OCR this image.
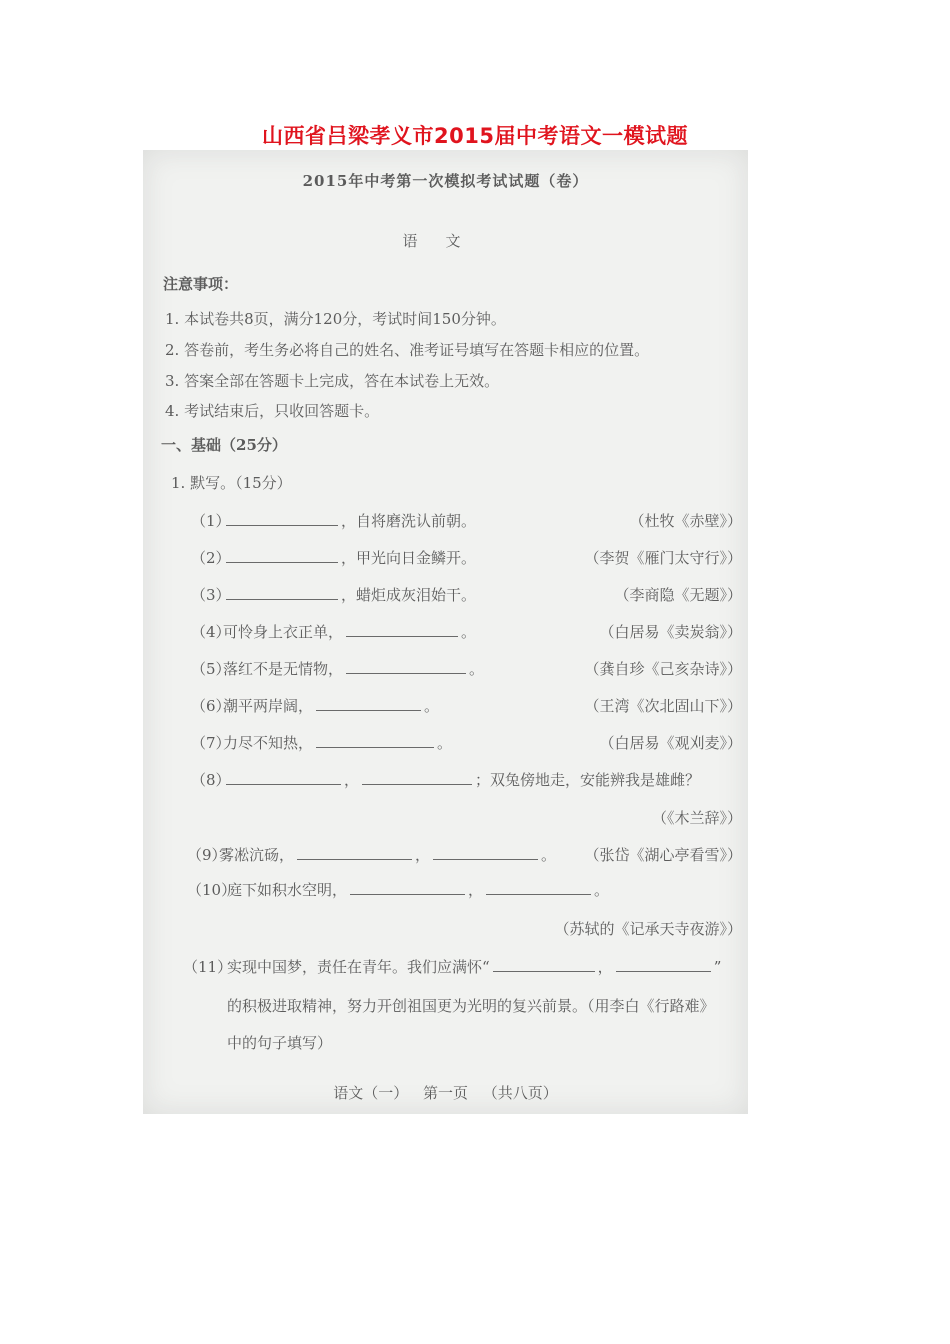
山西省吕梁孝义市2015届中考语文一模试题
2015年中考第一次模拟考试试题（卷）
语文
注意事项：
1. 本试卷共8页，满分120分，考试时间150分钟。
2. 答卷前，考生务必将自己的姓名、准考证号填写在答题卡相应的位置。
3. 答案全部在答题卡上完成，答在本试卷上无效。
4. 考试结束后，只收回答题卡。
一、基础（25分）
1. 默写。（15分）
（1）	，自将磨洗认前朝。	（杜牧《赤壁》）
（2）	，甲光向日金鳞开。	（李贺《雁门太守行》）
（3）	，蜡炬成灰泪始干。	（李商隐《无题》）
（4）可怜身上衣正单，	。	（白居易《卖炭翁》）
（5）落红不是无情物，	。	（龚自珍《己亥杂诗》）
（6）潮平两岸阔，	。	（王湾《次北固山下》）
（7）力尽不知热，	。	（白居易《观刈麦》）
（8）	，	；双兔傍地走，安能辨我是雄雌？
（《木兰辞》）
（9）雾凇沆砀，	，	。 （张岱《湖心亭看雪》）
（10）庭下如积水空明，	，	。
（苏轼的《记承天寺夜游》）
（11）实现中国梦，责任在青年。我们应满怀“	，	”
的积极进取精神，努力开创祖国更为光明的复兴前景。（用李白《行路难》
中的句子填写）
语文（一） 第一页 （共八页）
